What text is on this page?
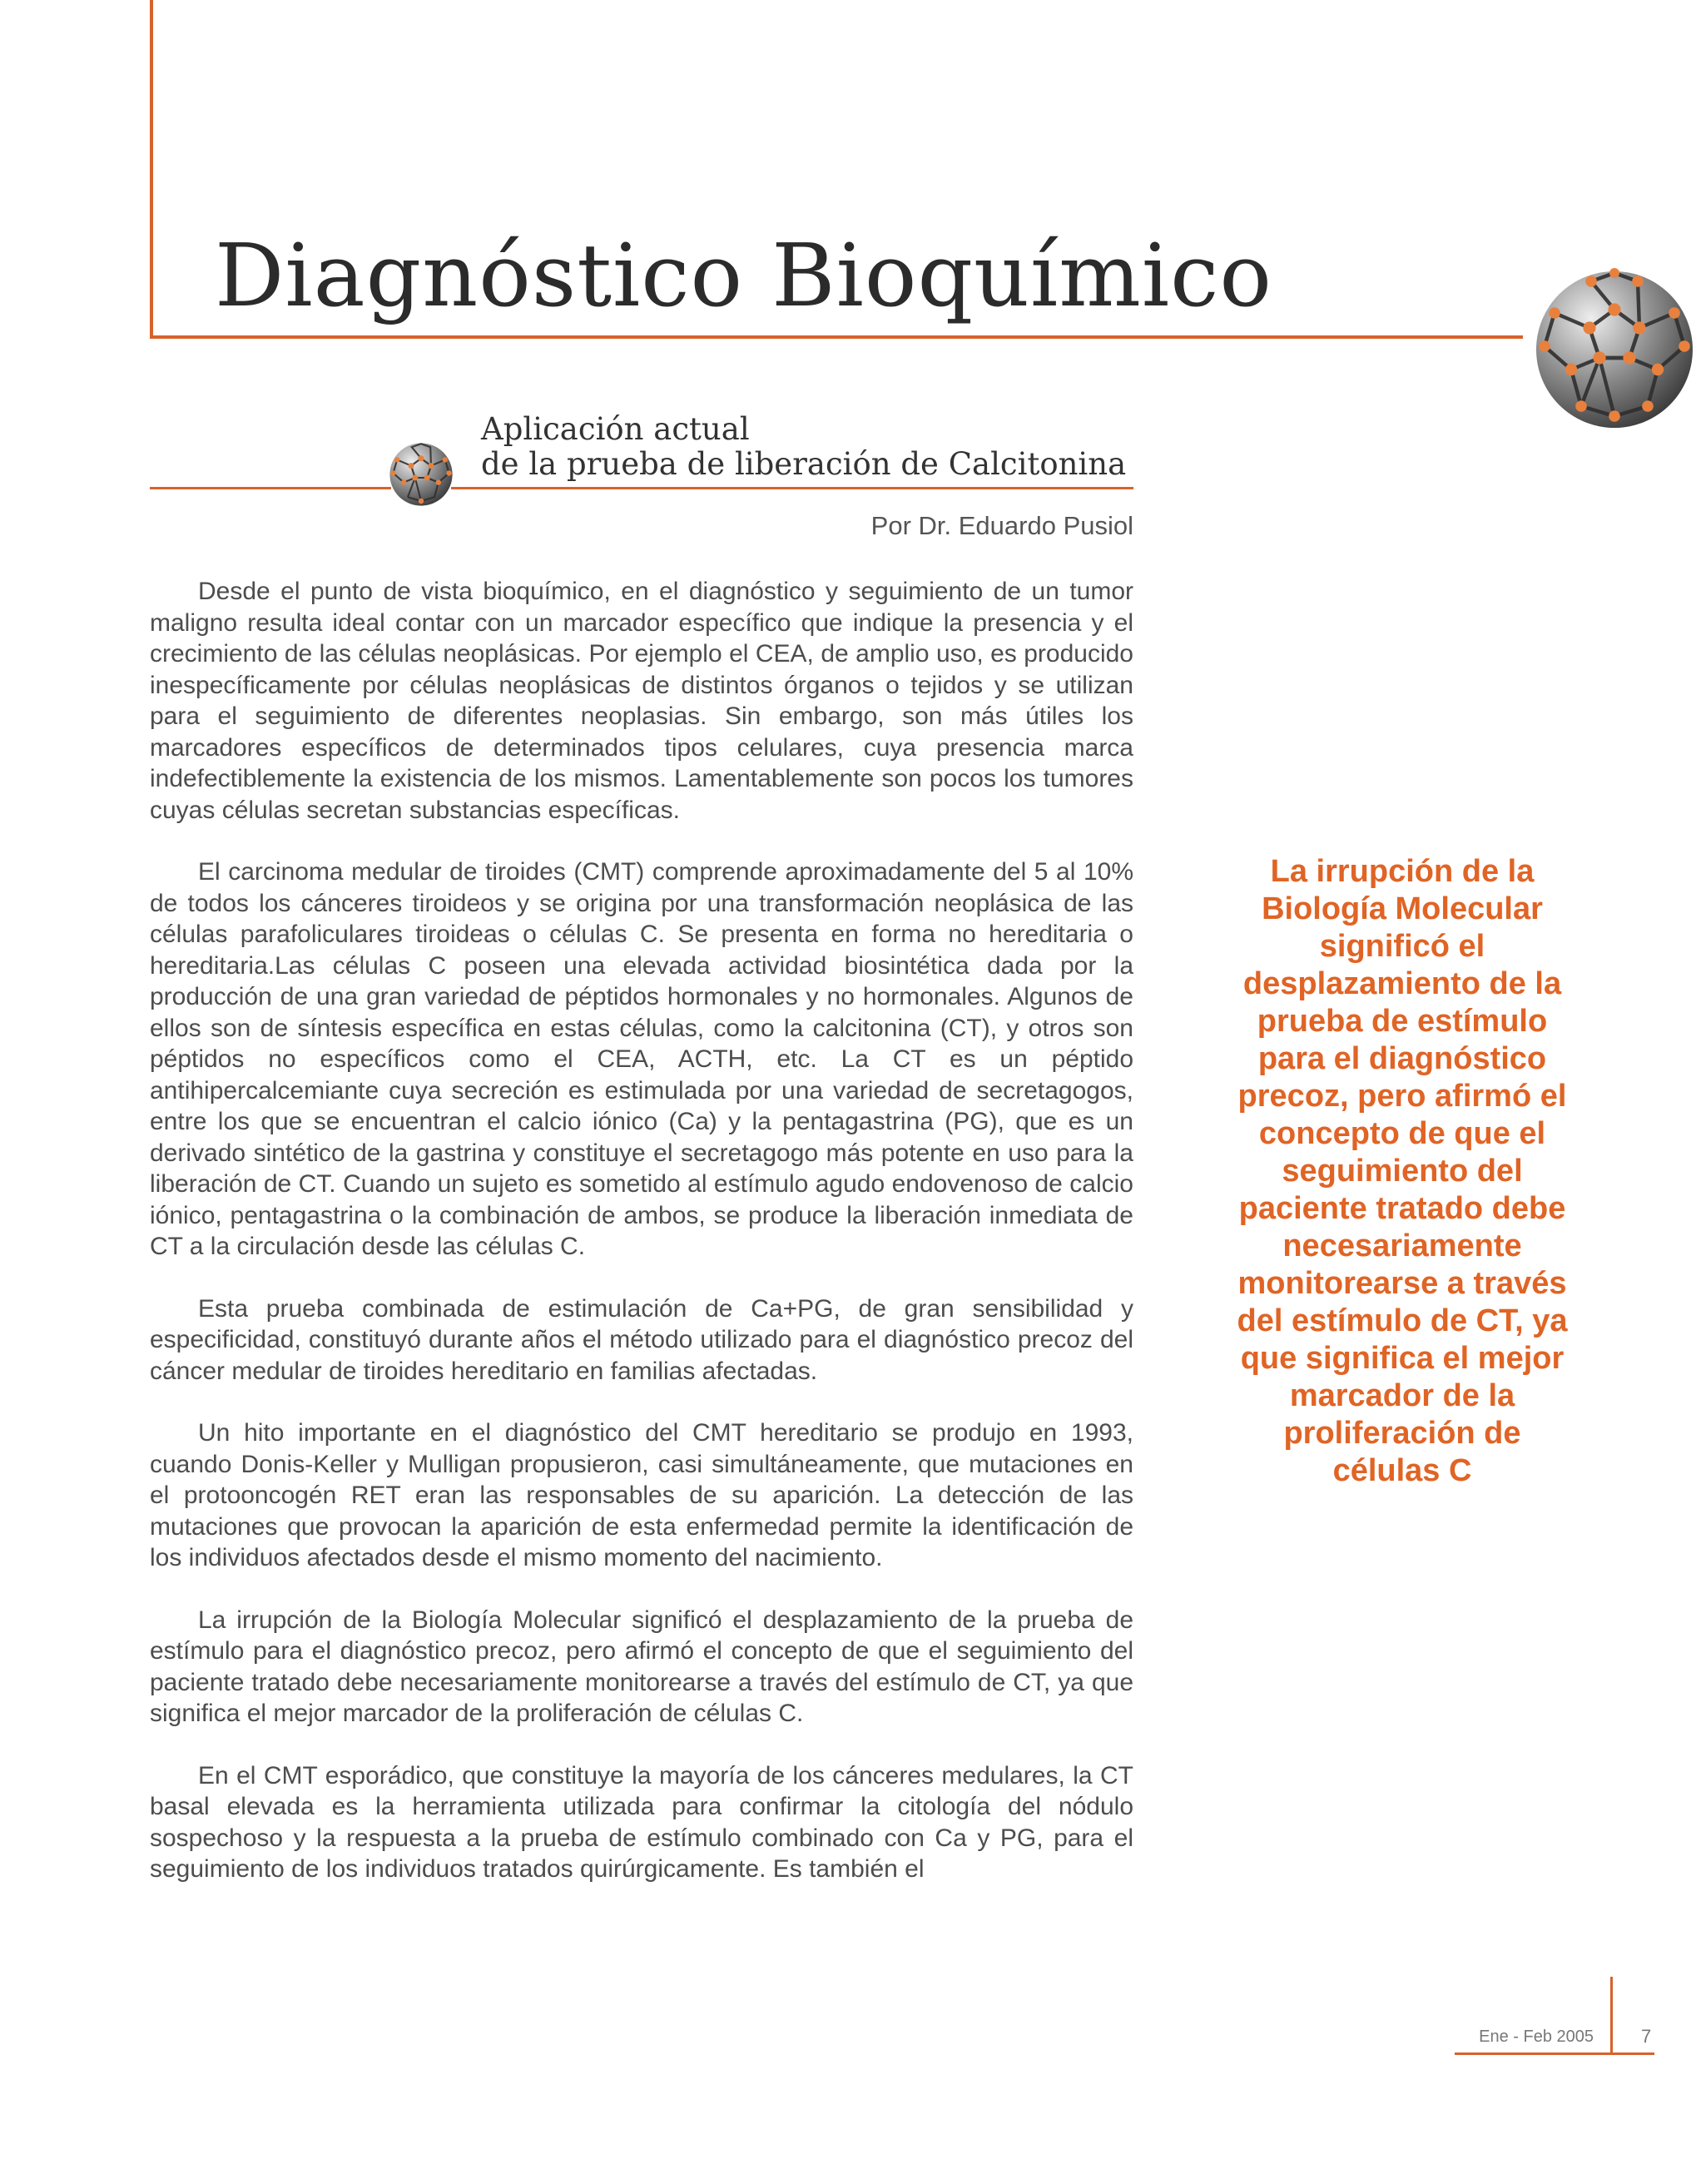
Diagnóstico Bioquímico
Aplicación actual
de la prueba de liberación de Calcitonina
Por Dr. Eduardo Pusiol

Desde el punto de vista bioquímico, en el diagnóstico y seguimiento de un tumor maligno resulta ideal contar con un marcador específico que indique la presencia y el crecimiento de las células neoplásicas. Por ejemplo el CEA, de amplio uso, es producido inespecíficamente por células neoplásicas de distintos órganos o tejidos y se utilizan para el seguimiento de diferentes neoplasias. Sin embargo, son más útiles los marcadores específicos de determinados tipos celulares, cuya presencia marca indefectiblemente la existencia de los mismos. Lamentablemente son pocos los tumores cuyas células secretan substancias específicas.

El carcinoma medular de tiroides (CMT) comprende aproximadamente del 5 al 10% de todos los cánceres tiroideos y se origina por una transformación neoplásica de las células parafoliculares tiroideas o células C. Se presenta en forma no hereditaria o hereditaria.Las células C poseen una elevada actividad biosintética dada por la producción de una gran variedad de péptidos hormonales y no hormonales. Algunos de ellos son de síntesis específica en estas células, como la calcitonina (CT), y otros son péptidos no específicos como el CEA, ACTH, etc. La CT es un péptido antihipercalcemiante cuya secreción es estimulada por una variedad de secretagogos, entre los que se encuentran el calcio iónico (Ca) y la pentagastrina (PG), que es un derivado sintético de la gastrina y constituye el secretagogo más potente en uso para la liberación de CT. Cuando un sujeto es sometido al estímulo agudo endovenoso de calcio iónico, pentagastrina o la combinación de ambos, se produce la liberación inmediata de CT a la circulación desde las células C.

Esta prueba combinada de estimulación de Ca+PG, de gran sensibilidad y especificidad, constituyó durante años el método utilizado para el diagnóstico precoz del cáncer medular de tiroides hereditario en familias afectadas.

Un hito importante en el diagnóstico del CMT hereditario se produjo en 1993, cuando Donis-Keller y Mulligan propusieron, casi simultáneamente, que mutaciones en el protooncogén RET eran las responsables de su aparición. La detección de las mutaciones que provocan la aparición de esta enfermedad permite la identificación de los individuos afectados desde el mismo momento del nacimiento.

La irrupción de la Biología Molecular significó el desplazamiento de la prueba de estímulo para el diagnóstico precoz, pero afirmó el concepto de que el seguimiento del paciente tratado debe necesariamente monitorearse a través del estímulo de CT, ya que significa el mejor marcador de la proliferación de células C.

En el CMT esporádico, que constituye la mayoría de los cánceres medulares, la CT basal elevada es la herramienta utilizada para confirmar la citología del nódulo sospechoso y la respuesta a la prueba de estímulo combinado con Ca y PG, para el seguimiento de los individuos tratados quirúrgicamente. Es también el

La irrupción de la
Biología Molecular
significó el
desplazamiento de la
prueba de estímulo
para el diagnóstico
precoz, pero afirmó el
concepto de que el
seguimiento del
paciente tratado debe
necesariamente
monitorearse a través
del estímulo de CT, ya
que significa el mejor
marcador de la
proliferación de
células C
Ene - Feb 2005	7
